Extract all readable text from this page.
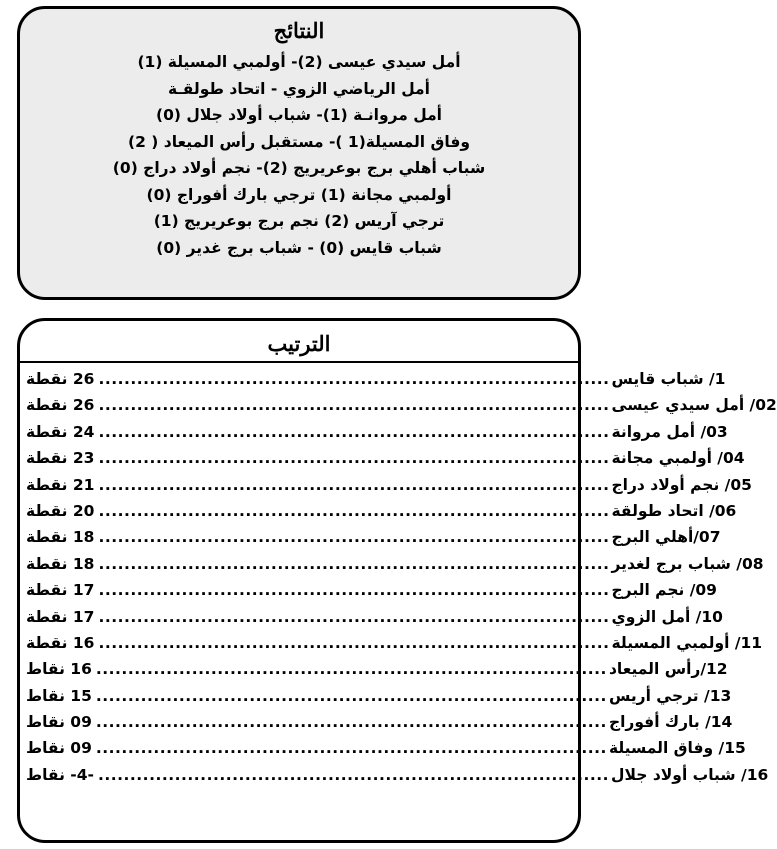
النتائج
أمل سيدي عيسى (2)- أولمبي المسيلة (1)
أمل الرياضي الزوي - اتحاد طولقـة
أمل مروانـة (1)- شباب أولاد جلال (0)
وفاق المسيلة(1 )- مستقبل رأس الميعاد ( 2)
شباب أهلي برج بوعريريج (2)- نجم أولاد دراج (0)
أولمبي مجانة (1) ترجي بارك أفوراج (0)
ترجي آريس (2) نجم برج بوعريريج (1)
شباب قايس (0) - شباب برج غدير (0)
الترتيب
26 نقطة ................................................................................ 1/ شباب قايس
26 نقطة ................................................................................ 02/ أمل سيدي عيسى
24 نقطة ................................................................................ 03/ أمل مروانة
23 نقطة ................................................................................ 04/ أولمبي مجانة
21 نقطة ................................................................................ 05/ نجم أولاد دراج
20 نقطة ................................................................................ 06/ اتحاد طولقة
18 نقطة ................................................................................ 07/أهلي البرج
18 نقطة ................................................................................ 08/ شباب برج لغدير
17 نقطة ................................................................................ 09/ نجم البرج
17 نقطة ................................................................................ 10/ أمل الزوي
16 نقطة ................................................................................ 11/ أولمبي المسيلة
16 نقاط ................................................................................ 12/رأس الميعاد
15 نقاط ................................................................................ 13/ ترجي أريس
09 نقاط ................................................................................ 14/ بارك أفوراج
09 نقاط ................................................................................ 15/ وفاق المسيلة
-4- نقاط ................................................................................ 16/ شباب أولاد جلال
